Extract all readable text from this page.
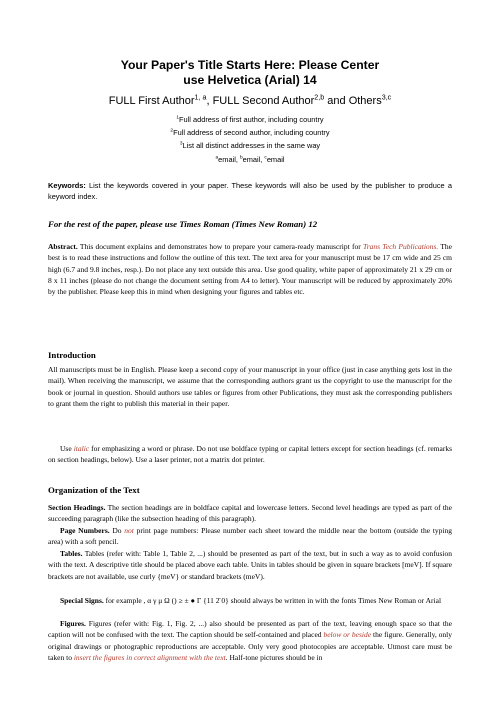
Your Paper's Title Starts Here: Please Center
use Helvetica (Arial) 14
FULL First Author$^{1, a}$, FULL Second Author$^{2,b}$ and Others$^{3,c}$
$^1$Full address of first author, including country
$^2$Full address of second author, including country
$^3$List all distinct addresses in the same way
$^a$email, $^b$email, $^c$email
Keywords: List the keywords covered in your paper. These keywords will also be used by the publisher to produce a keyword index.
For the rest of the paper, please use Times Roman (Times New Roman) 12
Abstract. This document explains and demonstrates how to prepare your camera-ready manuscript for Trans Tech Publications. The best is to read these instructions and follow the outline of this text. The text area for your manuscript must be 17 cm wide and 25 cm high (6.7 and 9.8 inches, resp.). Do not place any text outside this area. Use good quality, white paper of approximately 21 x 29 cm or 8 x 11 inches (please do not change the document setting from A4 to letter). Your manuscript will be reduced by approximately 20% by the publisher. Please keep this in mind when designing your figures and tables etc.
Introduction
All manuscripts must be in English. Please keep a second copy of your manuscript in your office (just in case anything gets lost in the mail). When receiving the manuscript, we assume that the corresponding authors grant us the copyright to use the manuscript for the book or journal in question. Should authors use tables or figures from other Publications, they must ask the corresponding publishers to grant them the right to publish this material in their paper.
Use italic for emphasizing a word or phrase. Do not use boldface typing or capital letters except for section headings (cf. remarks on section headings, below). Use a laser printer, not a matrix dot printer.
Organization of the Text
Section Headings. The section headings are in boldface capital and lowercase letters. Second level headings are typed as part of the succeeding paragraph (like the subsection heading of this paragraph).
Page Numbers. Do not print page numbers: Please number each sheet toward the middle near the bottom (outside the typing area) with a soft pencil.
Tables. Tables (refer with: Table 1, Table 2, ...) should be presented as part of the text, but in such a way as to avoid confusion with the text. A descriptive title should be placed above each table. Units in tables should be given in square brackets [meV]. If square brackets are not available, use curly {meV} or standard brackets (meV).
Special Signs. for example , α γ μ Ω () ≥ ± ● Γ {11 2̄ 0} should always be written in with the fonts Times New Roman or Arial
Figures. Figures (refer with: Fig. 1, Fig. 2, ...) also should be presented as part of the text, leaving enough space so that the caption will not be confused with the text. The caption should be self-contained and placed below or beside the figure. Generally, only original drawings or photographic reproductions are acceptable. Only very good photocopies are acceptable. Utmost care must be taken to insert the figures in correct alignment with the text. Half-tone pictures should be in
